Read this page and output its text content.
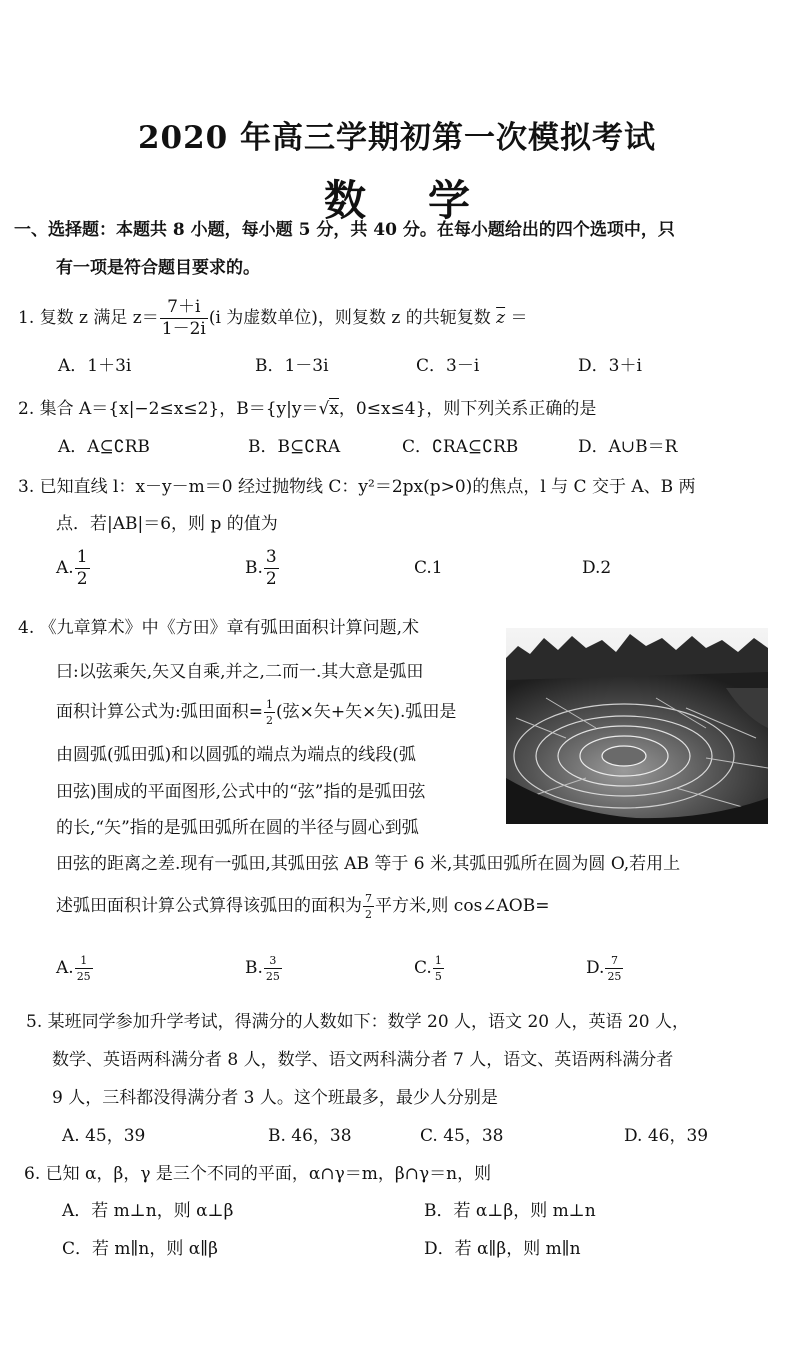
2020 年高三学期初第一次模拟考试
数学
一、选择题：本题共 8 小题，每小题 5 分，共 40 分。在每小题给出的四个选项中，只
有一项是符合题目要求的。
1. 复数 z 满足 $z= \frac{7+i}{1-2i} (i$ 为虚数单位)，则复数 z 的共轭复数 $\overline{z}$ ＝
A．1＋3i	B．1－3i	C．3－i	D．3＋i
2. 集合 A＝{x|−2≤x≤2}，B＝{y|y＝√x，0≤x≤4}，则下列关系正确的是
A．A⊆∁RB	B．B⊆∁RA	C．∁RA⊆∁RB	D．A∪B＝R
3. 已知直线 l：x－y－m＝0 经过抛物线 C：y²＝2px(p>0)的焦点，l 与 C 交于 A、B 两
点．若|AB|＝6，则 p 的值为
A. $\frac{1}{2}$	B. $\frac{3}{2}$	C.1	D.2
4. 《九章算术》中《方田》章有弧田面积计算问题,术
曰:以弦乘矢,矢又自乘,并之,二而一.其大意是弧田
面积计算公式为:弧田面积= $\frac{1}{2}$ (弦×矢+矢×矢).弧田是
由圆弧(弧田弧)和以圆弧的端点为端点的线段(弧
田弦)围成的平面图形,公式中的“弦”指的是弧田弦
的长,“矢”指的是弧田弧所在圆的半径与圆心到弧
田弦的距离之差.现有一弧田,其弧田弦 AB 等于 6 米,其弧田弧所在圆为圆 O,若用上
述弧田面积计算公式算得该弧田的面积为 $\frac{7}{2}$ 平方米,则 cos∠AOB=
A. $\frac{1}{25}$	B. $\frac{3}{25}$	C. $\frac{1}{5}$	D. $\frac{7}{25}$
5. 某班同学参加升学考试，得满分的人数如下：数学 20 人，语文 20 人，英语 20 人，
数学、英语两科满分者 8 人，数学、语文两科满分者 7 人，语文、英语两科满分者
9 人，三科都没得满分者 3 人。这个班最多，最少人分别是
A. 45，39	B. 46，38	C. 45，38	D. 46，39
6. 已知 α，β，γ 是三个不同的平面，α∩γ＝m，β∩γ＝n，则
A．若 m⊥n，则 α⊥β	B．若 α⊥β，则 m⊥n
C．若 m∥n，则 α∥β	D．若 α∥β，则 m∥n
